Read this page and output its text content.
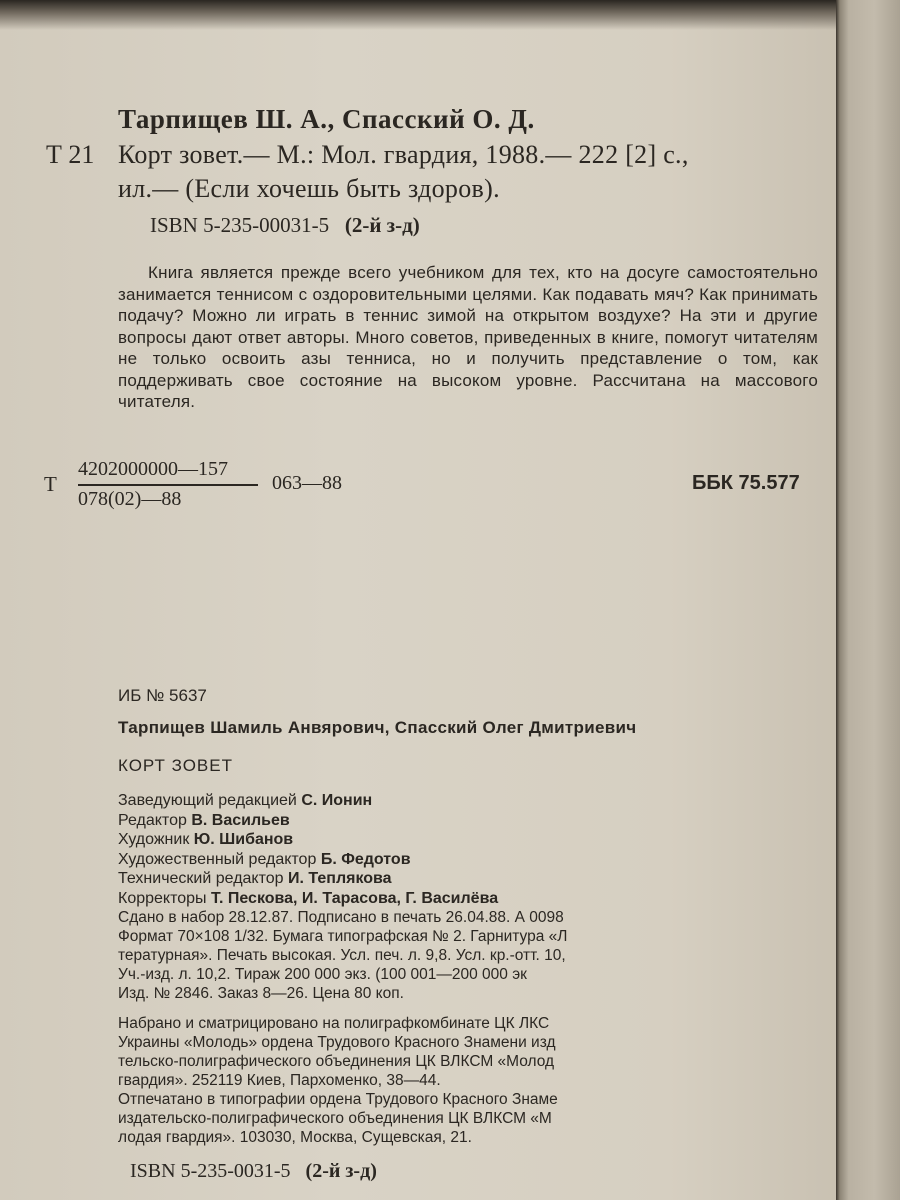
Тарпищев Ш. А., Спасский О. Д.
Т 21 Корт зовет.— М.: Мол. гвардия, 1988.— 222 [2] с.,
ил.— (Если хочешь быть здоров).
ISBN 5-235-00031-5 (2-й з-д)

Книга является прежде всего учебником для тех, кто на досуге самостоятельно занимается теннисом с оздоровительными целями. Как подавать мяч? Как принимать подачу? Можно ли играть в теннис зимой на открытом воздухе? На эти и другие вопросы дают ответ авторы. Много советов, приведенных в книге, помогут читателям не только освоить азы тенниса, но и получить представление о том, как поддерживать свое состояние на высоком уровне. Рассчитана на массового читателя.

Т
4202000000—157
078(02)—88
063—88	ББК 75.577
ИБ № 5637
Тарпищев Шамиль Анвярович, Спасский Олег Дмитриевич
КОРТ ЗОВЕТ
Заведующий редакцией С. Ионин
Редактор В. Васильев
Художник Ю. Шибанов
Художественный редактор Б. Федотов
Технический редактор И. Теплякова
Корректоры Т. Пескова, И. Тарасова, Г. Василёва
Сдано в набор 28.12.87. Подписано в печать 26.04.88. А 0098
Формат 70×108 1/32. Бумага типографская № 2. Гарнитура «Л
тературная». Печать высокая. Усл. печ. л. 9,8. Усл. кр.-отт. 10,
Уч.-изд. л. 10,2. Тираж 200 000 экз. (100 001—200 000 эк
Изд. № 2846. Заказ 8—26. Цена 80 коп.
Набрано и сматрицировано на полиграфкомбинате ЦК ЛКС
Украины «Молодь» ордена Трудового Красного Знамени изд
тельско-полиграфического объединения ЦК ВЛКСМ «Молод
гвардия». 252119 Киев, Пархоменко, 38—44.
Отпечатано в типографии ордена Трудового Красного Знаме
издательско-полиграфического объединения ЦК ВЛКСМ «М
лодая гвардия». 103030, Москва, Сущевская, 21.
ISBN 5-235-0031-5 (2-й з-д)
